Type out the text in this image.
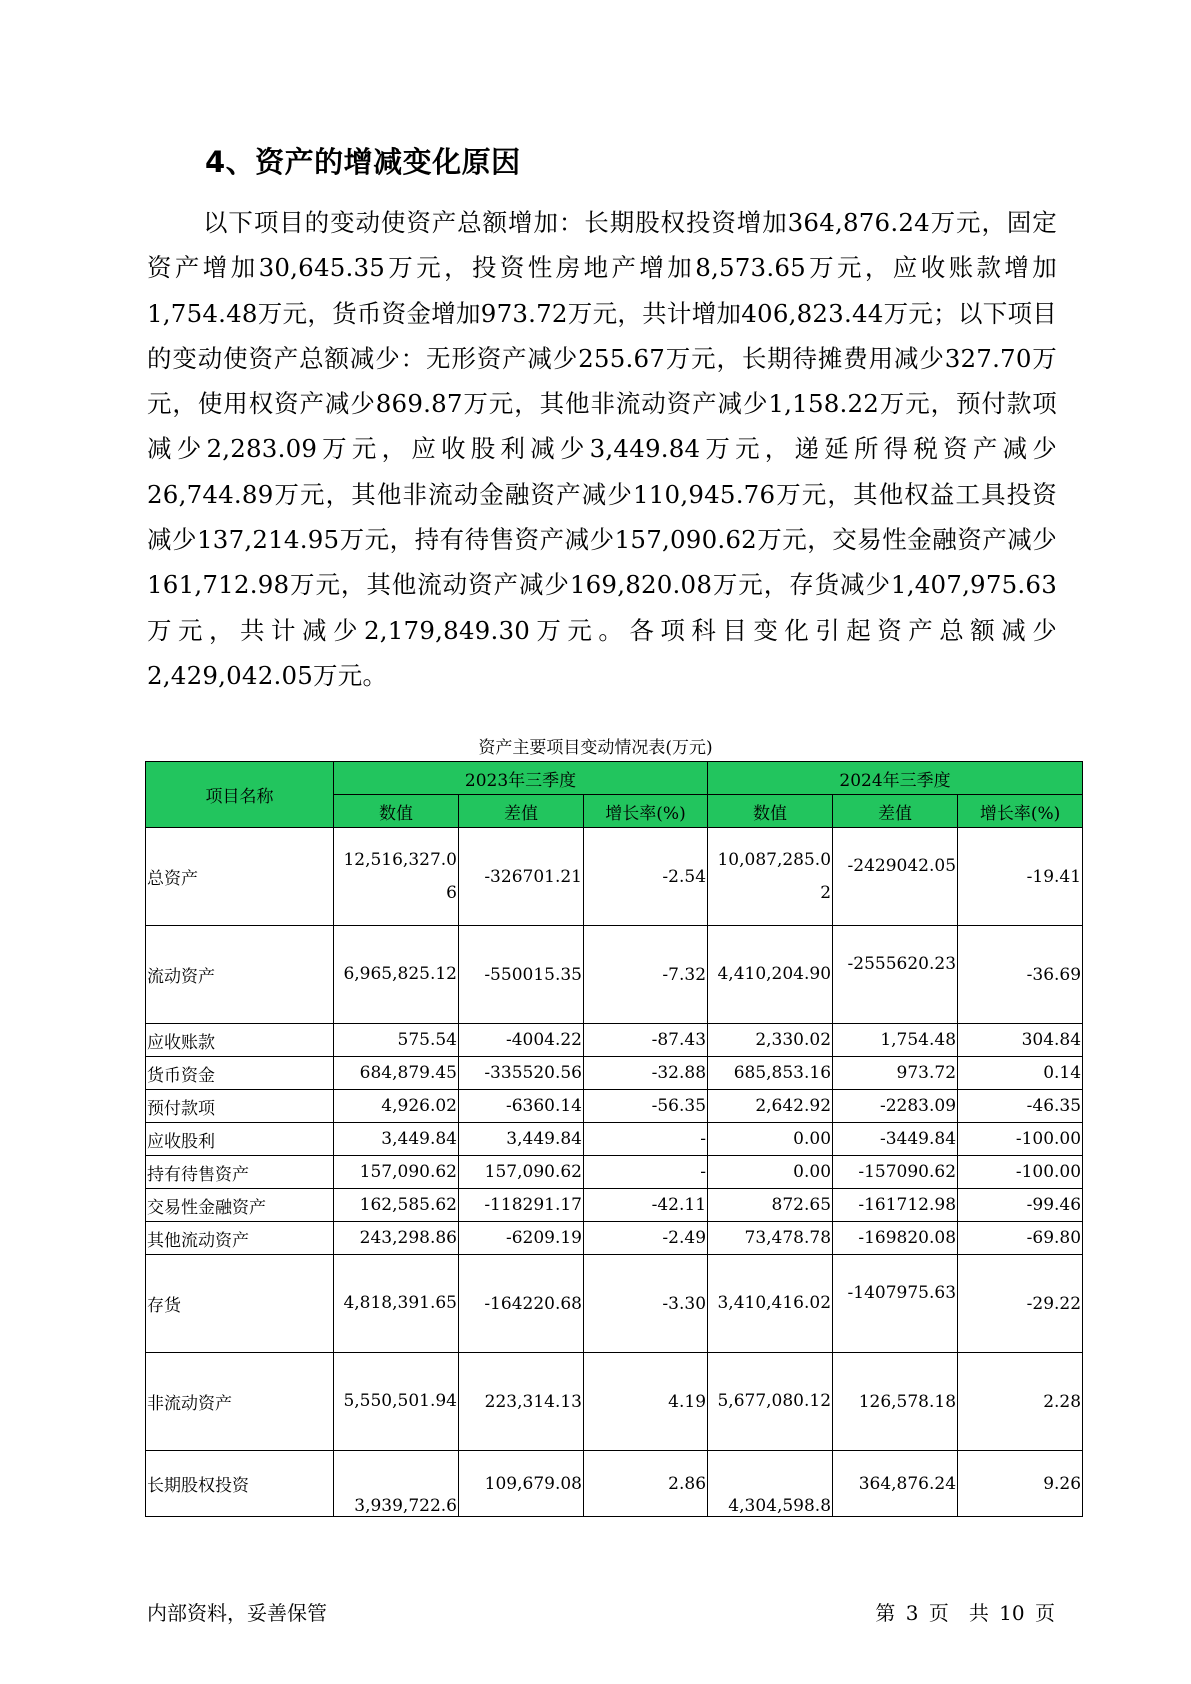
4、资产的增减变化原因

以下项目的变动使资产总额增加：长期股权投资增加364,876.24万元，固定资产增加30,645.35万元，投资性房地产增加8,573.65万元，应收账款增加1,754.48万元，货币资金增加973.72万元，共计增加406,823.44万元；以下项目的变动使资产总额减少：无形资产减少255.67万元，长期待摊费用减少327.70万元，使用权资产减少869.87万元，其他非流动资产减少1,158.22万元，预付款项减少2,283.09万元，应收股利减少3,449.84万元，递延所得税资产减少26,744.89万元，其他非流动金融资产减少110,945.76万元，其他权益工具投资减少137,214.95万元，持有待售资产减少157,090.62万元，交易性金融资产减少161,712.98万元，其他流动资产减少169,820.08万元，存货减少1,407,975.63万元，共计减少2,179,849.30万元。各项科目变化引起资产总额减少2,429,042.05万元。

资产主要项目变动情况表(万元)
项目名称	2023年三季度			2024年三季度		
	数值	差值	增长率(%)	数值	差值	增长率(%)
总资产	12,516,327.06	-326701.21	-2.54	10,087,285.02	-2429042.05	-19.41
流动资产	6,965,825.12	-550015.35	-7.32	4,410,204.90	-2555620.23	-36.69
应收账款	575.54	-4004.22	-87.43	2,330.02	1,754.48	304.84
货币资金	684,879.45	-335520.56	-32.88	685,853.16	973.72	0.14
预付款项	4,926.02	-6360.14	-56.35	2,642.92	-2283.09	-46.35
应收股利	3,449.84	3,449.84	-	0.00	-3449.84	-100.00
持有待售资产	157,090.62	157,090.62	-	0.00	-157090.62	-100.00
交易性金融资产	162,585.62	-118291.17	-42.11	872.65	-161712.98	-99.46
其他流动资产	243,298.86	-6209.19	-2.49	73,478.78	-169820.08	-69.80
存货	4,818,391.65	-164220.68	-3.30	3,410,416.02	-1407975.63	-29.22
非流动资产	5,550,501.94	223,314.13	4.19	5,677,080.12	126,578.18	2.28
长期股权投资	3,939,722.6	109,679.08	2.86	4,304,598.8	364,876.24	9.26
内部资料，妥善保管	第 3 页　共 10 页
